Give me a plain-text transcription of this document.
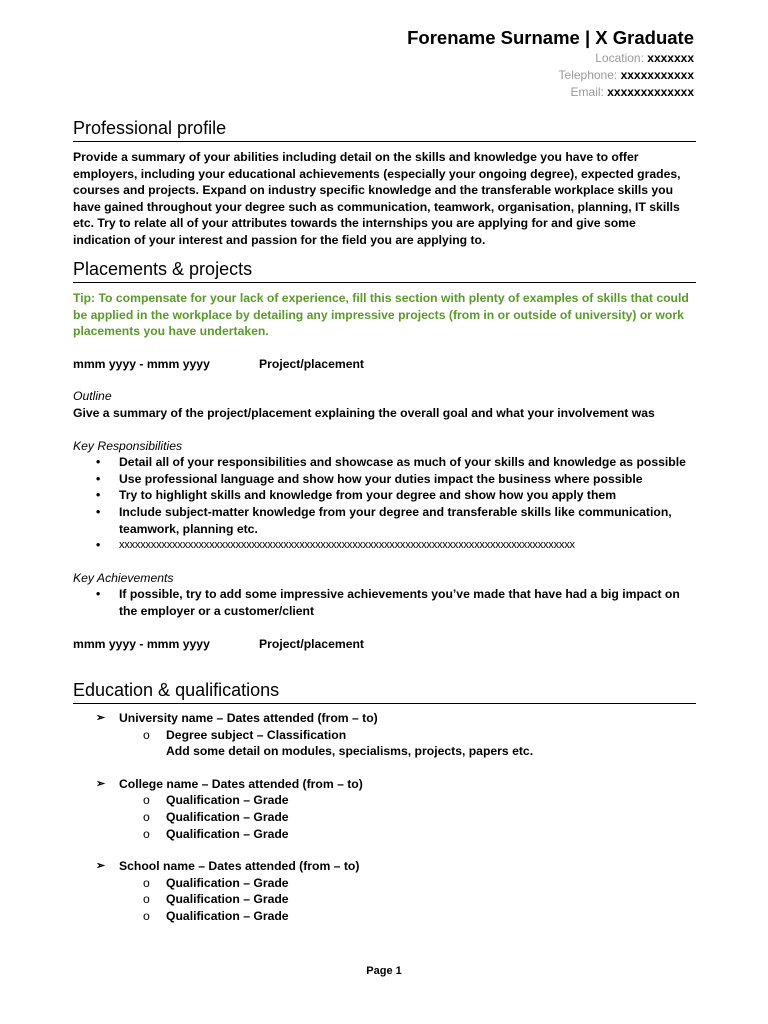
Forename Surname | X Graduate
Location: xxxxxxx
Telephone: xxxxxxxxxxx
Email: xxxxxxxxxxxxx
Professional profile
Provide a summary of your abilities including detail on the skills and knowledge you have to offer employers, including your educational achievements (especially your ongoing degree), expected grades, courses and projects. Expand on industry specific knowledge and the transferable workplace skills you have gained throughout your degree such as communication, teamwork, organisation, planning, IT skills etc. Try to relate all of your attributes towards the internships you are applying for and give some indication of your interest and passion for the field you are applying to.
Placements & projects
Tip: To compensate for your lack of experience, fill this section with plenty of examples of skills that could be applied in the workplace by detailing any impressive projects (from in or outside of university) or work placements you have undertaken.
mmm yyyy - mmm yyyy	Project/placement
Outline
Give a summary of the project/placement explaining the overall goal and what your involvement was
Key Responsibilities
• Detail all of your responsibilities and showcase as much of your skills and knowledge as possible
• Use professional language and show how your duties impact the business where possible
• Try to highlight skills and knowledge from your degree and show how you apply them
• Include subject-matter knowledge from your degree and transferable skills like communication, teamwork, planning etc.
• xxxxxxxxxxxxxxxxxxxxxxxxxxxxxxxxxxxxxxxxxxxxxxxxxxxxxxxxxxxxxxxxxxxxxxxxxxxxxxxxxxxxxx
Key Achievements
• If possible, try to add some impressive achievements you’ve made that have had a big impact on the employer or a customer/client
mmm yyyy - mmm yyyy	Project/placement
Education & qualifications
➢ University name – Dates attended (from – to)
o Degree subject – Classification
Add some detail on modules, specialisms, projects, papers etc.
➢ College name – Dates attended (from – to)
o Qualification – Grade
o Qualification – Grade
o Qualification – Grade
➢ School name – Dates attended (from – to)
o Qualification – Grade
o Qualification – Grade
o Qualification – Grade
Page 1
